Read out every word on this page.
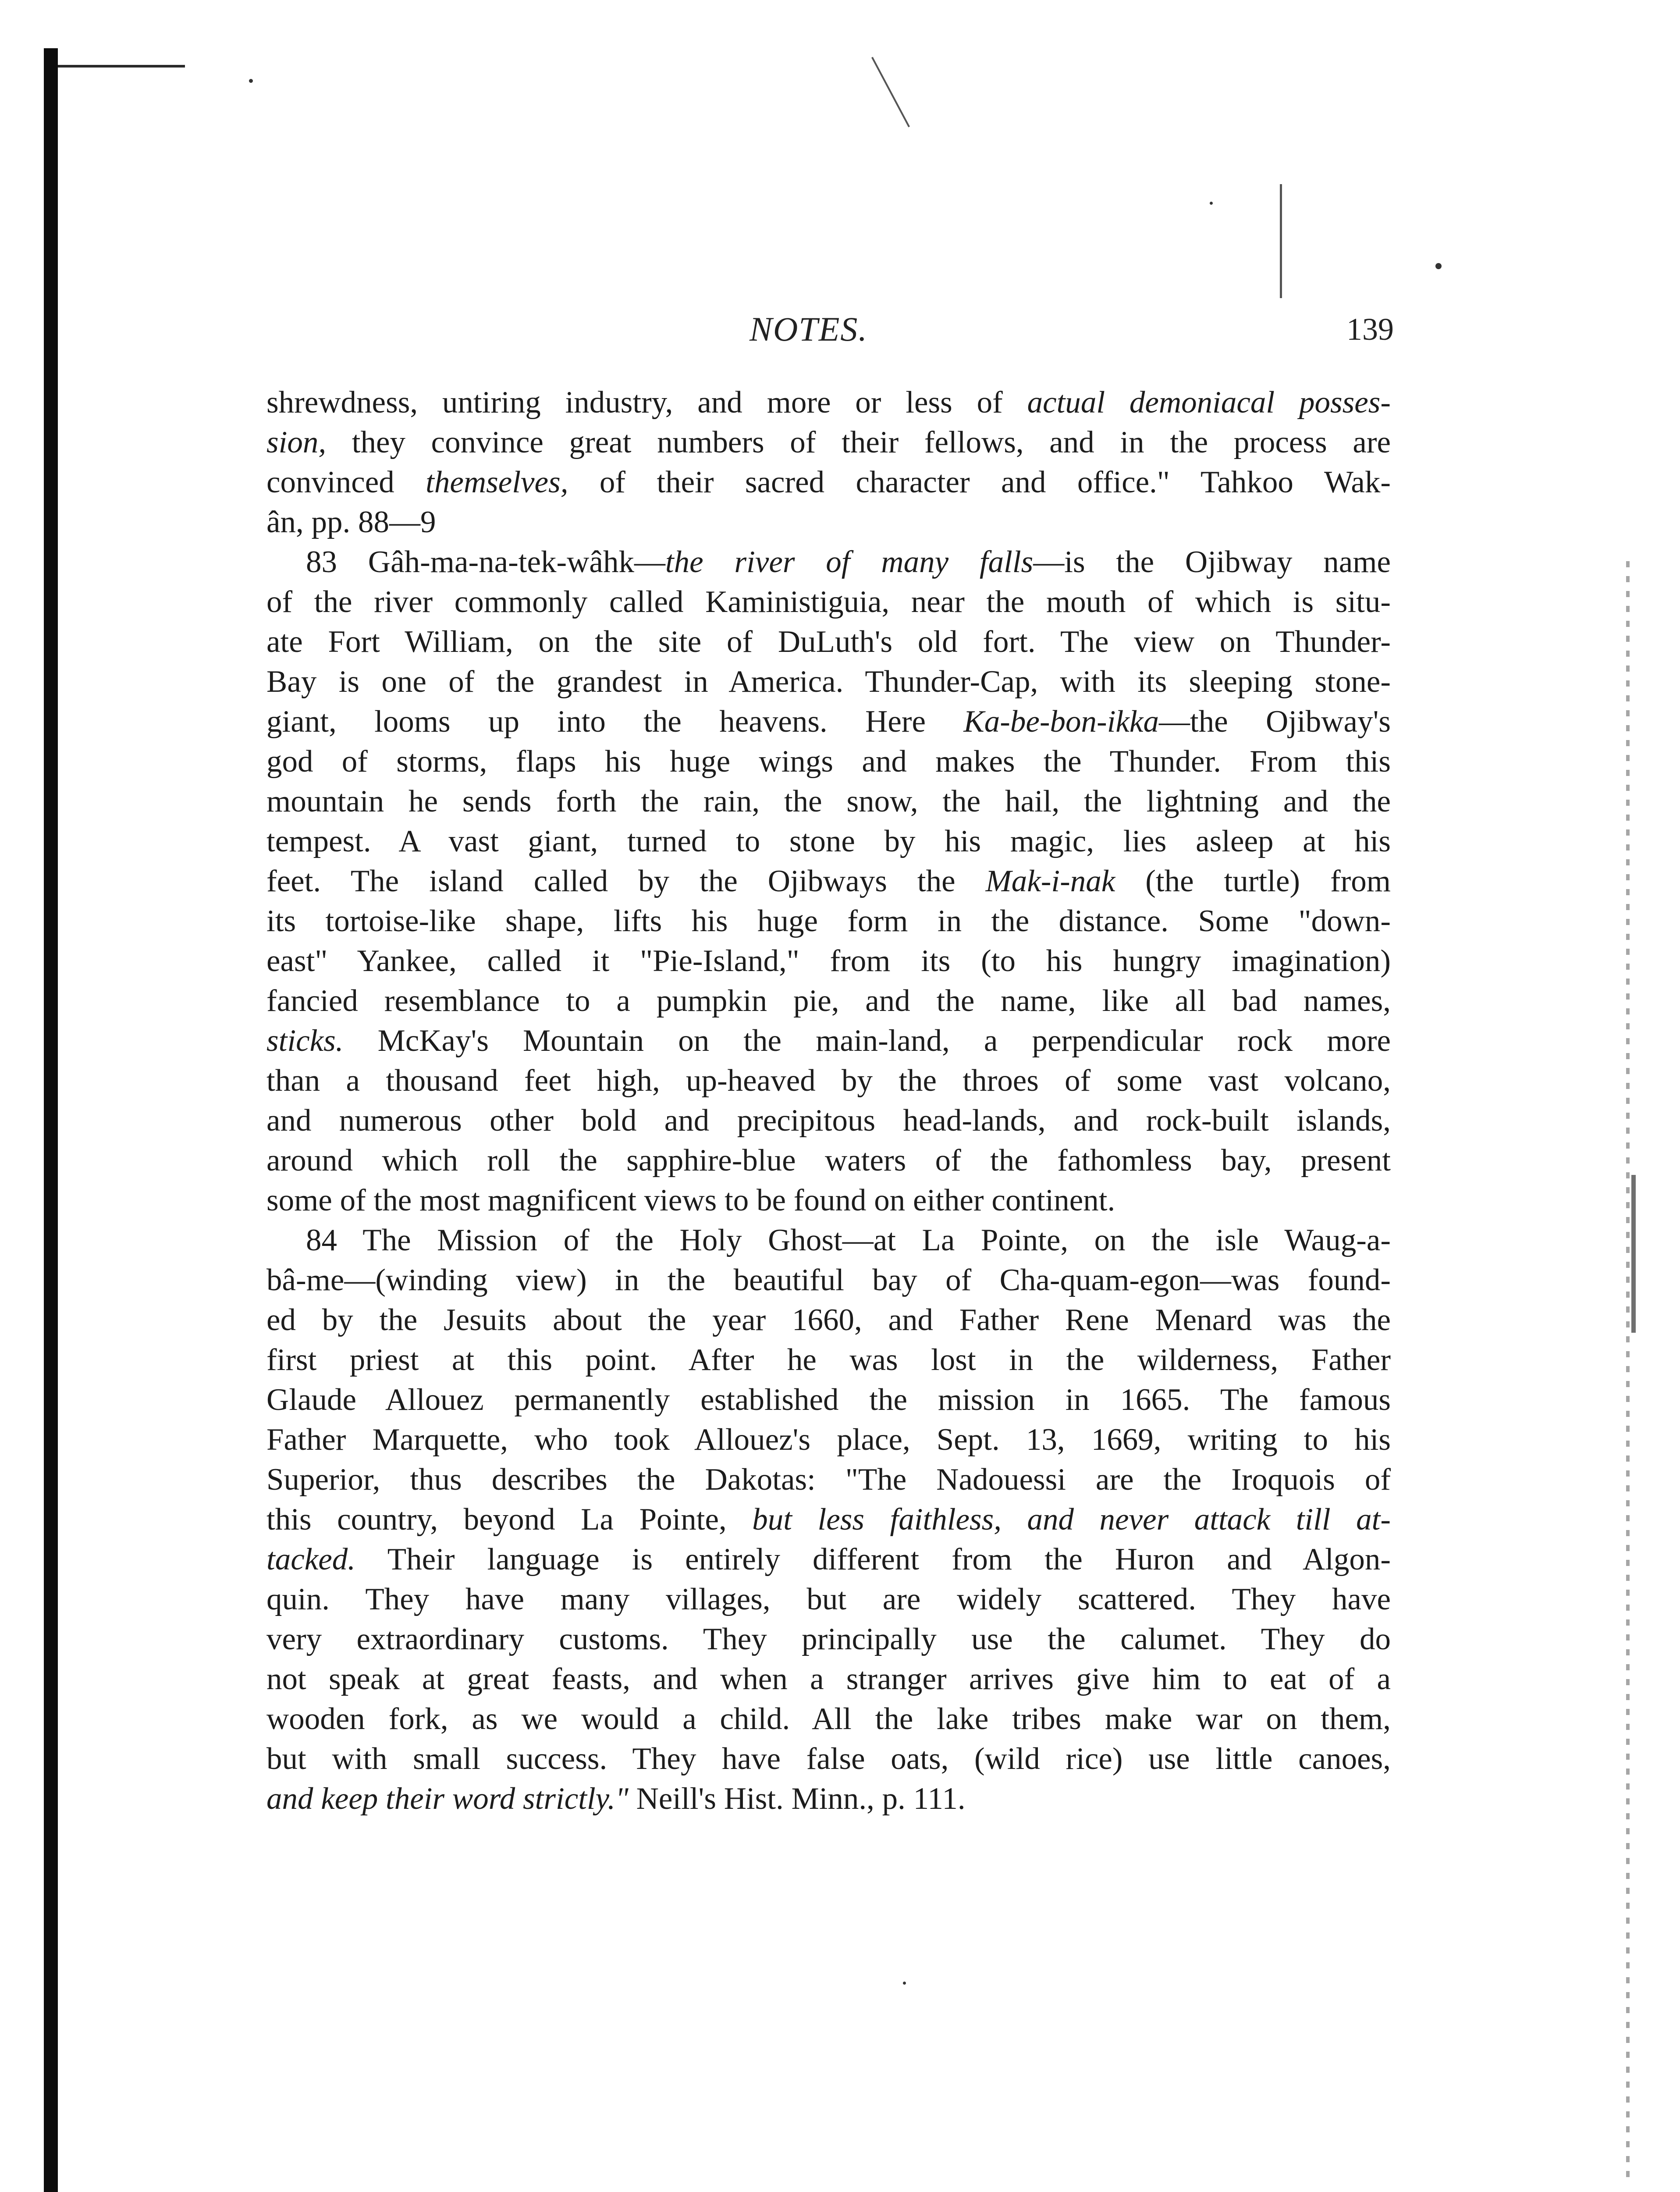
NOTES.	139
shrewdness, untiring industry, and more or less of actual demoniacal posses-
sion, they convince great numbers of their fellows, and in the process are
convinced themselves, of their sacred character and office." Tahkoo Wak-
ân, pp. 88—9
83 Gâh-ma-na-tek-wâhk—the river of many falls—is the Ojibway name
of the river commonly called Kaministiguia, near the mouth of which is situ-
ate Fort William, on the site of DuLuth's old fort. The view on Thunder-
Bay is one of the grandest in America. Thunder-Cap, with its sleeping stone-
giant, looms up into the heavens. Here Ka-be-bon-ikka—the Ojibway's
god of storms, flaps his huge wings and makes the Thunder. From this
mountain he sends forth the rain, the snow, the hail, the lightning and the
tempest. A vast giant, turned to stone by his magic, lies asleep at his
feet. The island called by the Ojibways the Mak-i-nak (the turtle) from
its tortoise-like shape, lifts his huge form in the distance. Some "down-
east" Yankee, called it "Pie-Island," from its (to his hungry imagination)
fancied resemblance to a pumpkin pie, and the name, like all bad names,
sticks. McKay's Mountain on the main-land, a perpendicular rock more
than a thousand feet high, up-heaved by the throes of some vast volcano,
and numerous other bold and precipitous head-lands, and rock-built islands,
around which roll the sapphire-blue waters of the fathomless bay, present
some of the most magnificent views to be found on either continent.
84 The Mission of the Holy Ghost—at La Pointe, on the isle Waug-a-
bâ-me—(winding view) in the beautiful bay of Cha-quam-egon—was found-
ed by the Jesuits about the year 1660, and Father Rene Menard was the
first priest at this point. After he was lost in the wilderness, Father
Glaude Allouez permanently established the mission in 1665. The famous
Father Marquette, who took Allouez's place, Sept. 13, 1669, writing to his
Superior, thus describes the Dakotas: "The Nadouessi are the Iroquois of
this country, beyond La Pointe, but less faithless, and never attack till at-
tacked. Their language is entirely different from the Huron and Algon-
quin. They have many villages, but are widely scattered. They have
very extraordinary customs. They principally use the calumet. They do
not speak at great feasts, and when a stranger arrives give him to eat of a
wooden fork, as we would a child. All the lake tribes make war on them,
but with small success. They have false oats, (wild rice) use little canoes,
and keep their word strictly." Neill's Hist. Minn., p. 111.
